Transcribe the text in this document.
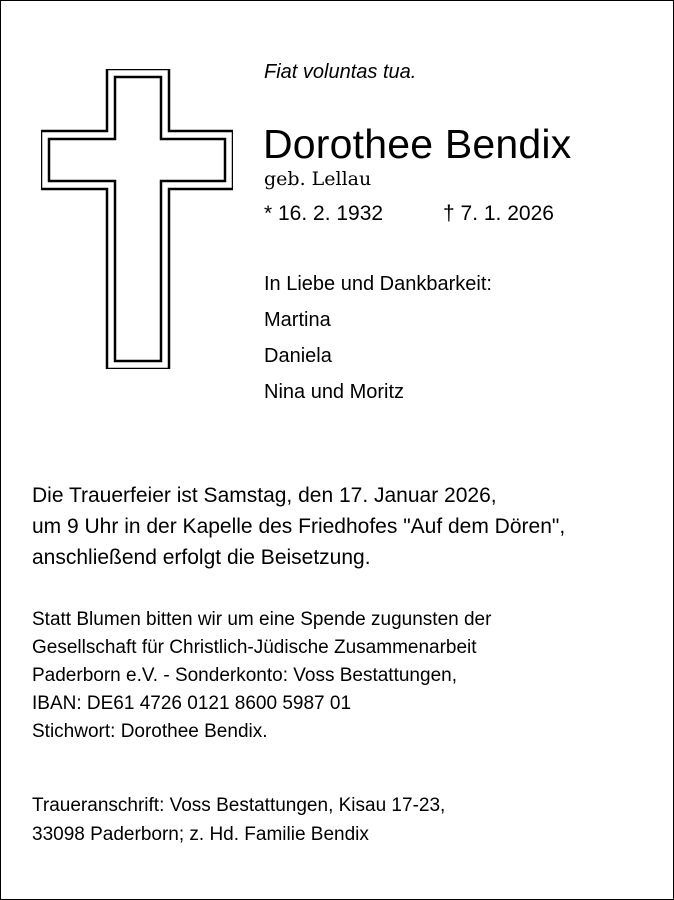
Fiat voluntas tua.
Dorothee Bendix
geb. Lellau
* 16. 2. 1932	† 7. 1. 2026
In Liebe und Dankbarkeit:
Martina
Daniela
Nina und Moritz
Die Trauerfeier ist Samstag, den 17. Januar 2026,
um 9 Uhr in der Kapelle des Friedhofes "Auf dem Dören",
anschließend erfolgt die Beisetzung.
Statt Blumen bitten wir um eine Spende zugunsten der
Gesellschaft für Christlich-Jüdische Zusammenarbeit
Paderborn e.V. - Sonderkonto: Voss Bestattungen,
IBAN: DE61 4726 0121 8600 5987 01
Stichwort: Dorothee Bendix.
Traueranschrift: Voss Bestattungen, Kisau 17-23,
33098 Paderborn; z. Hd. Familie Bendix
